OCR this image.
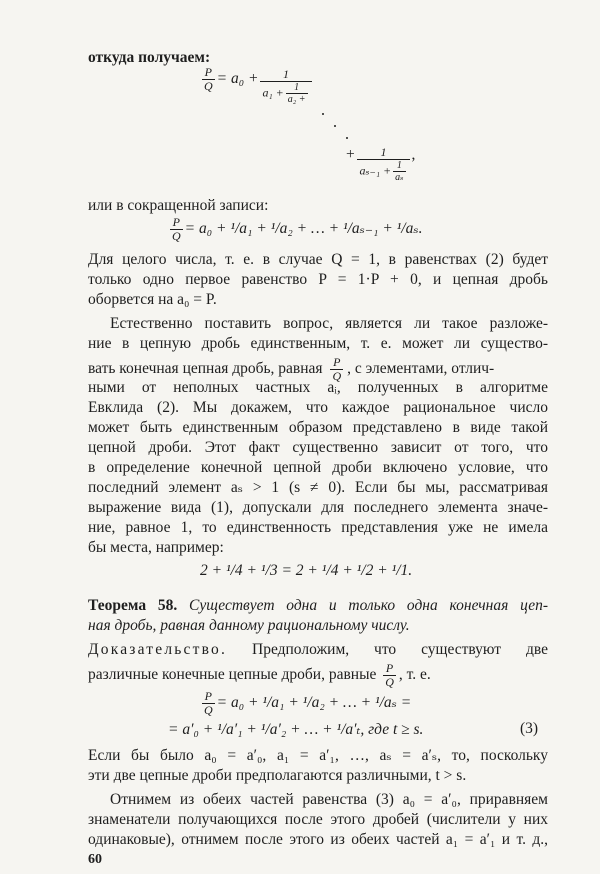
откуда получаем:
$\frac{P}{Q} = a_0 + \frac{1}{a_1 + \frac{1}{\text{a₂ +}}}$
+ $\frac{1}{a_{s-1} + \frac{1}{\text{aₛ}}}$ ,
или в сокращенной записи:
$\frac{P}{Q} = a_0 + ^1/a_1 + ^1/a_2$ + … + ¹/aₛ₋₁ + ¹/aₛ.
Для целого числа, т. е. в случае Q = 1, в равенствах (2) будет
только одно первое равенство P = 1·P + 0, и цепная дробь
оборвется на a₀ = P.
Естественно поставить вопрос, является ли такое разложе-
ние в цепную дробь единственным, т. е. может ли существо-
вать конечная цепная дробь, равная $\frac{P}{Q}$ , с элементами, отлич-
ными от неполных частных aᵢ, полученных в алгоритме
Евклида (2). Мы докажем, что каждое рациональное число
может быть единственным образом представлено в виде такой
цепной дроби. Этот факт существенно зависит от того, что
в определение конечной цепной дроби включено условие, что
последний элемент aₛ > 1 (s ≠ 0). Если бы мы, рассматривая
выражение вида (1), допускали для последнего элемента значе-
ние, равное 1, то единственность представления уже не имела
бы места, например:
2 + ¹/4 + ¹/3 = 2 + ¹/4 + ¹/2 + ¹/1.
Теорема 58. Существует одна и только одна конечная цеп-
ная дробь, равная данному рациональному числу.
Доказательство. Предположим, что существуют две
различные конечные цепные дроби, равные $\frac{P}{Q}$ , т. е.
$\frac{P}{Q} = a_0 + ^1/a_1 + ^1/a_2$ + … + ¹/aₛ =
= a′₀ + ¹/a′₁ + ¹/a′₂ + … + ¹/a′ₜ, где t ≥ s.	(3)
Если бы было a₀ = a′₀, a₁ = a′₁, …, aₛ = a′ₛ, то, поскольку
эти две цепные дроби предполагаются различными, t > s.
Отнимем из обеих частей равенства (3) a₀ = a′₀, приравняем
знаменатели получающихся после этого дробей (числители у них
одинаковые), отнимем после этого из обеих частей a₁ = a′₁ и т. д.,
60
